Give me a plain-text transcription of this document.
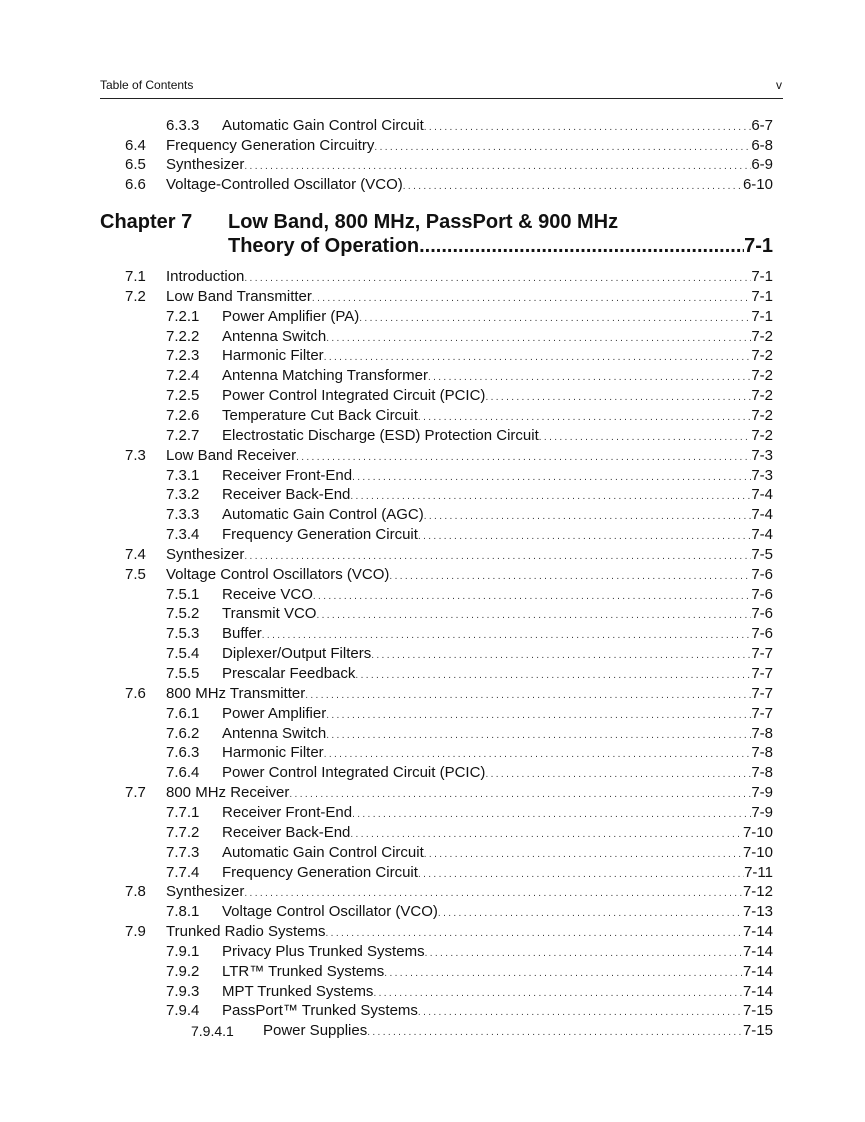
Table of Contents	v
6.3.3 Automatic Gain Control Circuit . . .	6-7
6.4 Frequency Generation Circuitry . . .	6-8
6.5 Synthesizer . . .	6-9
6.6 Voltage-Controlled Oscillator (VCO) . . .	6-10
Chapter 7 Low Band, 800 MHz, PassPort & 900 MHz
Theory of Operation .....	7-1
7.1 Introduction . . .	7-1
7.2 Low Band Transmitter . . .	7-1
7.2.1 Power Amplifier (PA) . . .	7-1
7.2.2 Antenna Switch . . .	7-2
7.2.3 Harmonic Filter . . .	7-2
7.2.4 Antenna Matching Transformer . . .	7-2
7.2.5 Power Control Integrated Circuit (PCIC) . . .	7-2
7.2.6 Temperature Cut Back Circuit . . .	7-2
7.2.7 Electrostatic Discharge (ESD) Protection Circuit . . .	7-2
7.3 Low Band Receiver . . .	7-3
7.3.1 Receiver Front-End . . .	7-3
7.3.2 Receiver Back-End . . .	7-4
7.3.3 Automatic Gain Control (AGC) . . .	7-4
7.3.4 Frequency Generation Circuit . . .	7-4
7.4 Synthesizer . . .	7-5
7.5 Voltage Control Oscillators (VCO) . . .	7-6
7.5.1 Receive VCO . . .	7-6
7.5.2 Transmit VCO . . .	7-6
7.5.3 Buffer . . .	7-6
7.5.4 Diplexer/Output Filters . . .	7-7
7.5.5 Prescalar Feedback . . .	7-7
7.6 800 MHz Transmitter . . .	7-7
7.6.1 Power Amplifier . . .	7-7
7.6.2 Antenna Switch . . .	7-8
7.6.3 Harmonic Filter . . .	7-8
7.6.4 Power Control Integrated Circuit (PCIC) . . .	7-8
7.7 800 MHz Receiver . . .	7-9
7.7.1 Receiver Front-End . . .	7-9
7.7.2 Receiver Back-End . . .	7-10
7.7.3 Automatic Gain Control Circuit . . .	7-10
7.7.4 Frequency Generation Circuit . . .	7-11
7.8 Synthesizer . . .	7-12
7.8.1 Voltage Control Oscillator (VCO) . . .	7-13
7.9 Trunked Radio Systems . . .	7-14
7.9.1 Privacy Plus Trunked Systems . . .	7-14
7.9.2 LTR™ Trunked Systems . . .	7-14
7.9.3 MPT Trunked Systems . . .	7-14
7.9.4 PassPort™ Trunked Systems . . .	7-15
7.9.4.1 Power Supplies . . .	7-15
